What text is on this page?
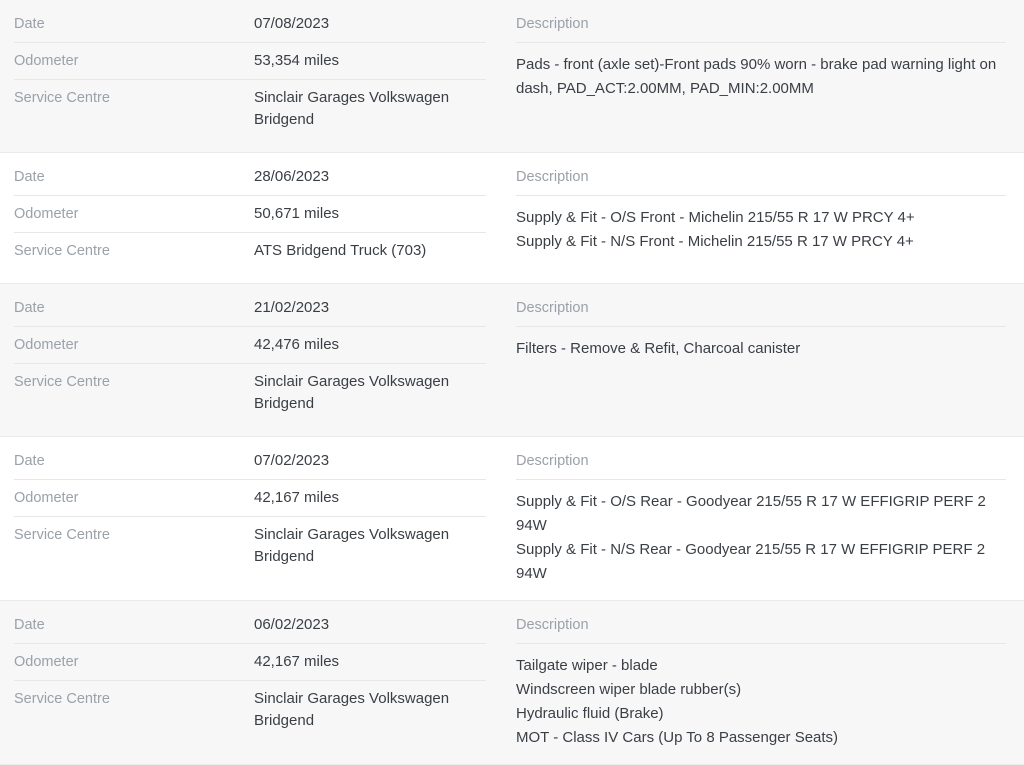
Date	07/08/2023
Odometer	53,354 miles
Service Centre	Sinclair Garages Volkswagen Bridgend
Description
Pads - front (axle set)-Front pads 90% worn - brake pad warning light on dash, PAD_ACT:2.00MM, PAD_MIN:2.00MM
Date	28/06/2023
Odometer	50,671 miles
Service Centre	ATS Bridgend Truck (703)
Description
Supply & Fit - O/S Front - Michelin 215/55 R 17 W PRCY 4+
Supply & Fit - N/S Front - Michelin 215/55 R 17 W PRCY 4+
Date	21/02/2023
Odometer	42,476 miles
Service Centre	Sinclair Garages Volkswagen Bridgend
Description
Filters - Remove & Refit, Charcoal canister
Date	07/02/2023
Odometer	42,167 miles
Service Centre	Sinclair Garages Volkswagen Bridgend
Description
Supply & Fit - O/S Rear - Goodyear 215/55 R 17 W EFFIGRIP PERF 2 94W
Supply & Fit - N/S Rear - Goodyear 215/55 R 17 W EFFIGRIP PERF 2 94W
Date	06/02/2023
Odometer	42,167 miles
Service Centre	Sinclair Garages Volkswagen Bridgend
Description
Tailgate wiper - blade
Windscreen wiper blade rubber(s)
Hydraulic fluid (Brake)
MOT - Class IV Cars (Up To 8 Passenger Seats)
